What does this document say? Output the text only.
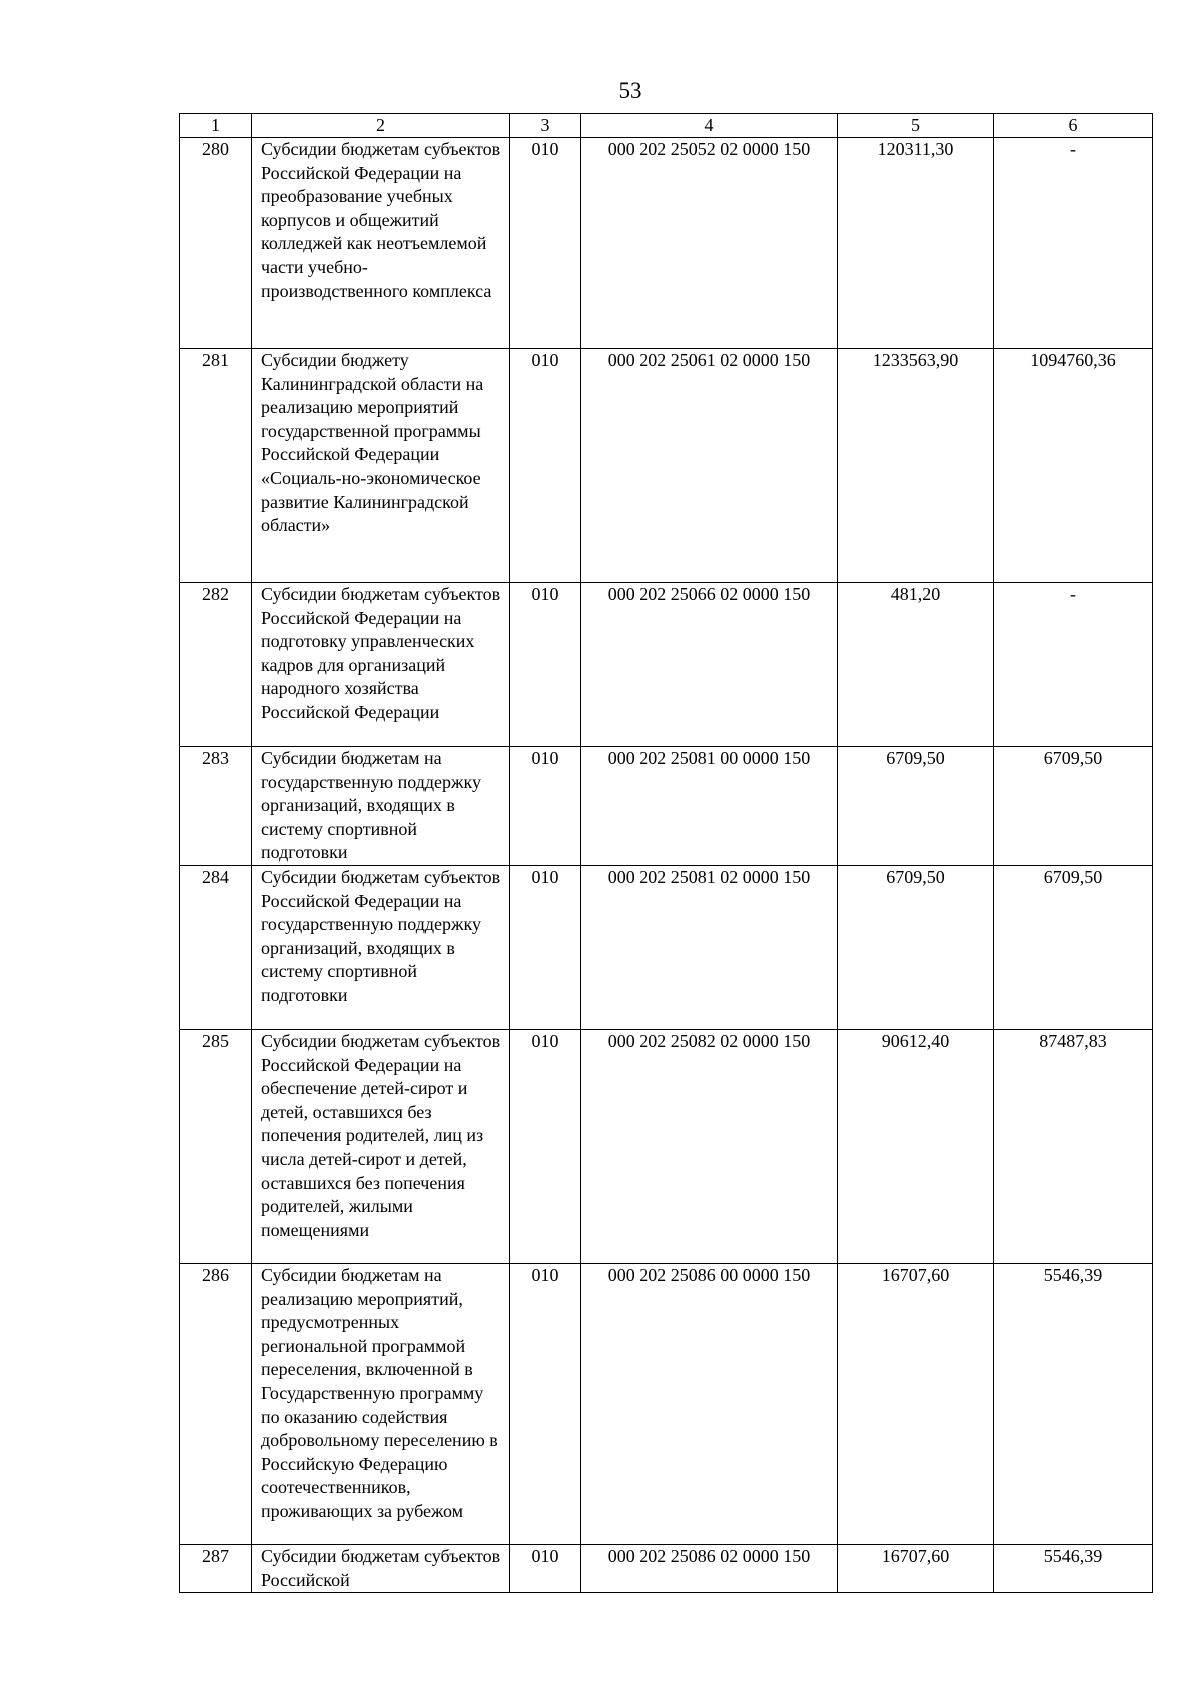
53
1	2	3	4	5	6
280	Субсидии бюджетам субъектов Российской Федерации на преобразование учебных корпусов и общежитий колледжей как неотъемлемой части учебно-производственного комплекса	010	000 202 25052 02 0000 150	120311,30	-
281	Субсидии бюджету Калининградской области на реализацию мероприятий государственной программы Российской Федерации «Социаль-но-экономическое развитие Калининградской области»	010	000 202 25061 02 0000 150	1233563,90	1094760,36
282	Субсидии бюджетам субъектов Российской Федерации на подготовку управленческих кадров для организаций народного хозяйства Российской Федерации	010	000 202 25066 02 0000 150	481,20	-
283	Субсидии бюджетам на государственную поддержку организаций, входящих в систему спортивной подготовки	010	000 202 25081 00 0000 150	6709,50	6709,50
284	Субсидии бюджетам субъектов Российской Федерации на государственную поддержку организаций, входящих в систему спортивной подготовки	010	000 202 25081 02 0000 150	6709,50	6709,50
285	Субсидии бюджетам субъектов Российской Федерации на обеспечение детей-сирот и детей, оставшихся без попечения родителей, лиц из числа детей-сирот и детей, оставшихся без попечения родителей, жилыми помещениями	010	000 202 25082 02 0000 150	90612,40	87487,83
286	Субсидии бюджетам на реализацию мероприятий, предусмотренных региональной программой переселения, включенной в Государственную программу по оказанию содействия добровольному переселению в Российскую Федерацию соотечественников, проживающих за рубежом	010	000 202 25086 00 0000 150	16707,60	5546,39
287	Субсидии бюджетам субъектов Российской	010	000 202 25086 02 0000 150	16707,60	5546,39
